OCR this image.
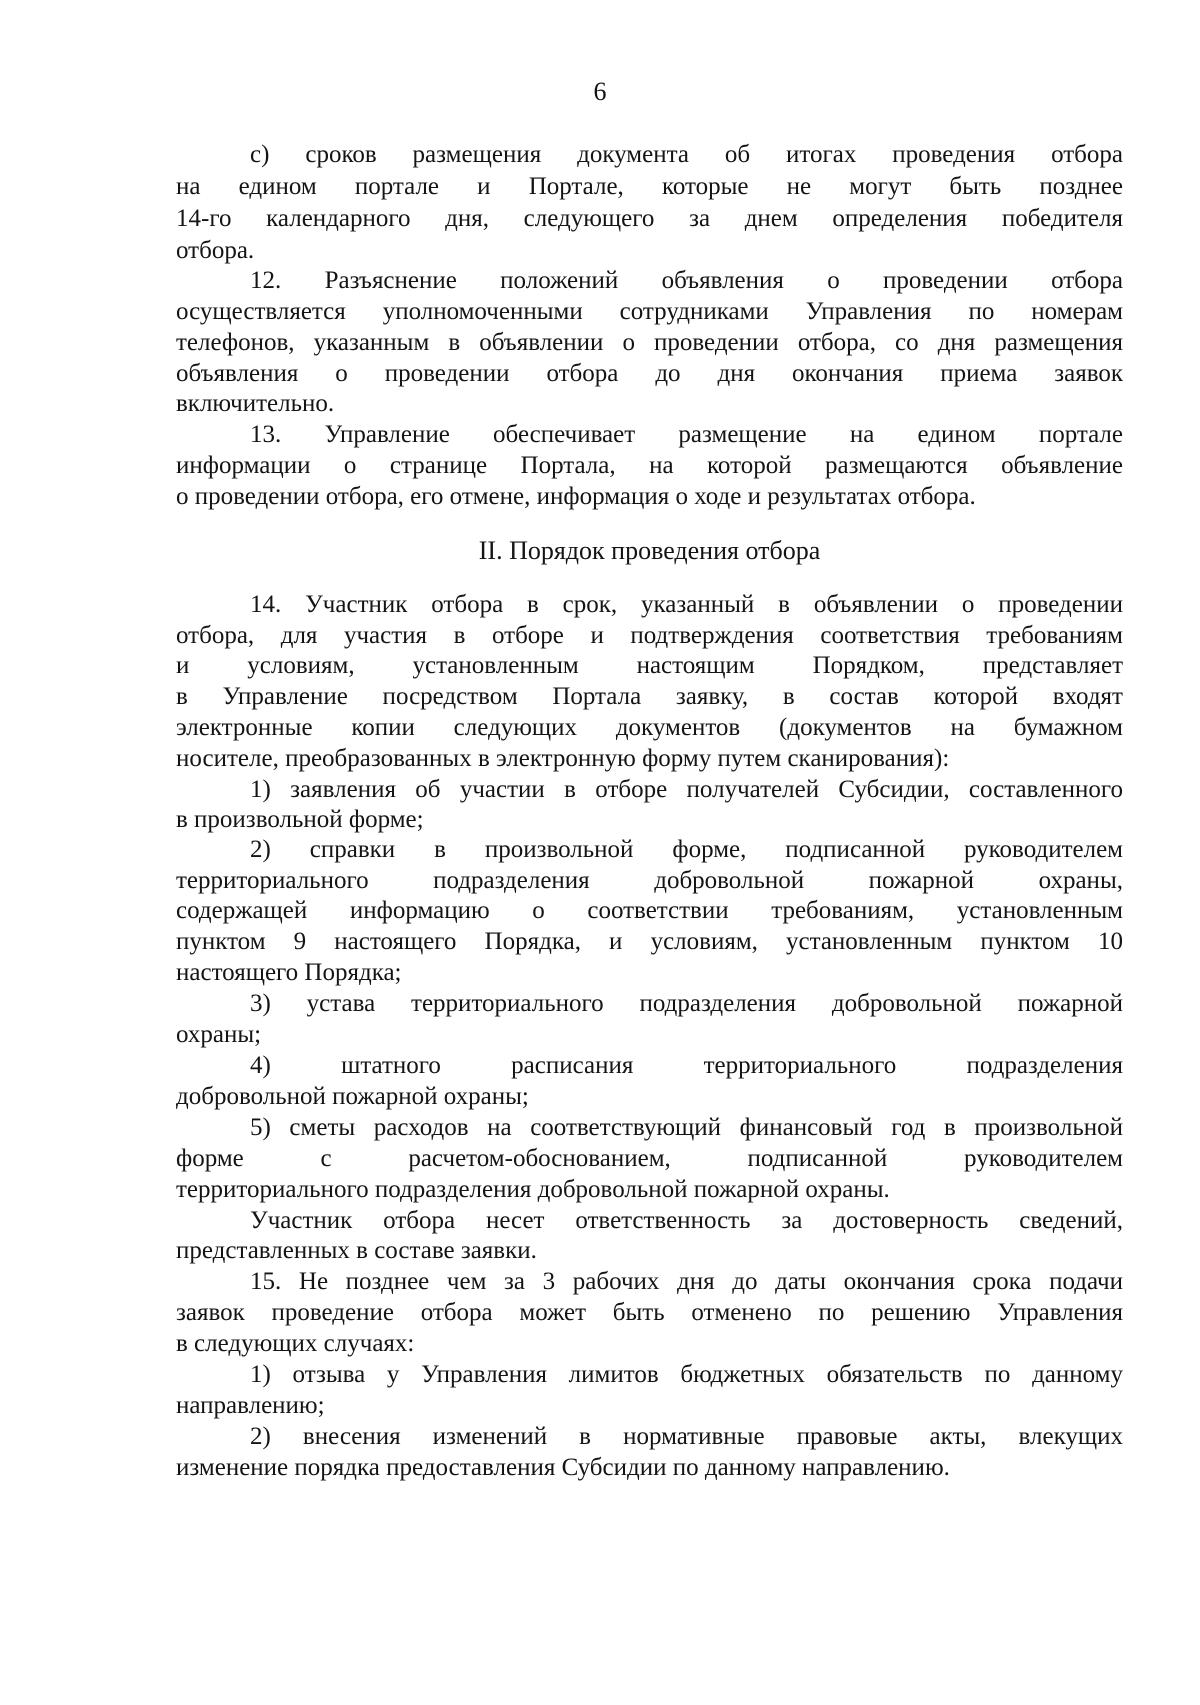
6
с) сроков размещения документа об итогах проведения отбора
на едином порталe и Портале, которые не могут быть позднее
14-го календарного дня, следующего за днем определения победителя
отбора.
12. Разъяснение положений объявления о проведении отбора
осуществляется уполномоченными сотрудниками Управления по номерам
телефонов, указанным в объявлении о проведении отбора, со дня размещения
объявления о проведении отбора до дня окончания приема заявок
включительно.
13. Управление обеспечивает размещение на едином портале
информации о странице Портала, на которой размещаются объявление
о проведении отбора, его отмене, информация о ходе и результатах отбора.
II. Порядок проведения отбора
14. Участник отбора в срок, указанный в объявлении о проведении
отбора, для участия в отборе и подтверждения соответствия требованиям
и условиям, установленным настоящим Порядком, представляет
в Управление посредством Портала заявку, в состав которой входят
электронные копии следующих документов (документов на бумажном
носителе, преобразованных в электронную форму путем сканирования):
1) заявления об участии в отборе получателей Субсидии, составленного
в произвольной форме;
2) справки в произвольной форме, подписанной руководителем
территориального подразделения добровольной пожарной охраны,
содержащей информацию о соответствии требованиям, установленным
пунктом 9 настоящего Порядка, и условиям, установленным пунктом 10
настоящего Порядка;
3) устава территориального подразделения добровольной пожарной
охраны;
4) штатного расписания территориального подразделения
добровольной пожарной охраны;
5) сметы расходов на соответствующий финансовый год в произвольной
форме с расчетом-обоснованием, подписанной руководителем
территориального подразделения добровольной пожарной охраны.
Участник отбора несет ответственность за достоверность сведений,
представленных в составе заявки.
15. Не позднее чем за 3 рабочих дня до даты окончания срока подачи
заявок проведение отбора может быть отменено по решению Управления
в следующих случаях:
1) отзыва у Управления лимитов бюджетных обязательств по данному
направлению;
2) внесения изменений в нормативные правовые акты, влекущих
изменение порядка предоставления Субсидии по данному направлению.
